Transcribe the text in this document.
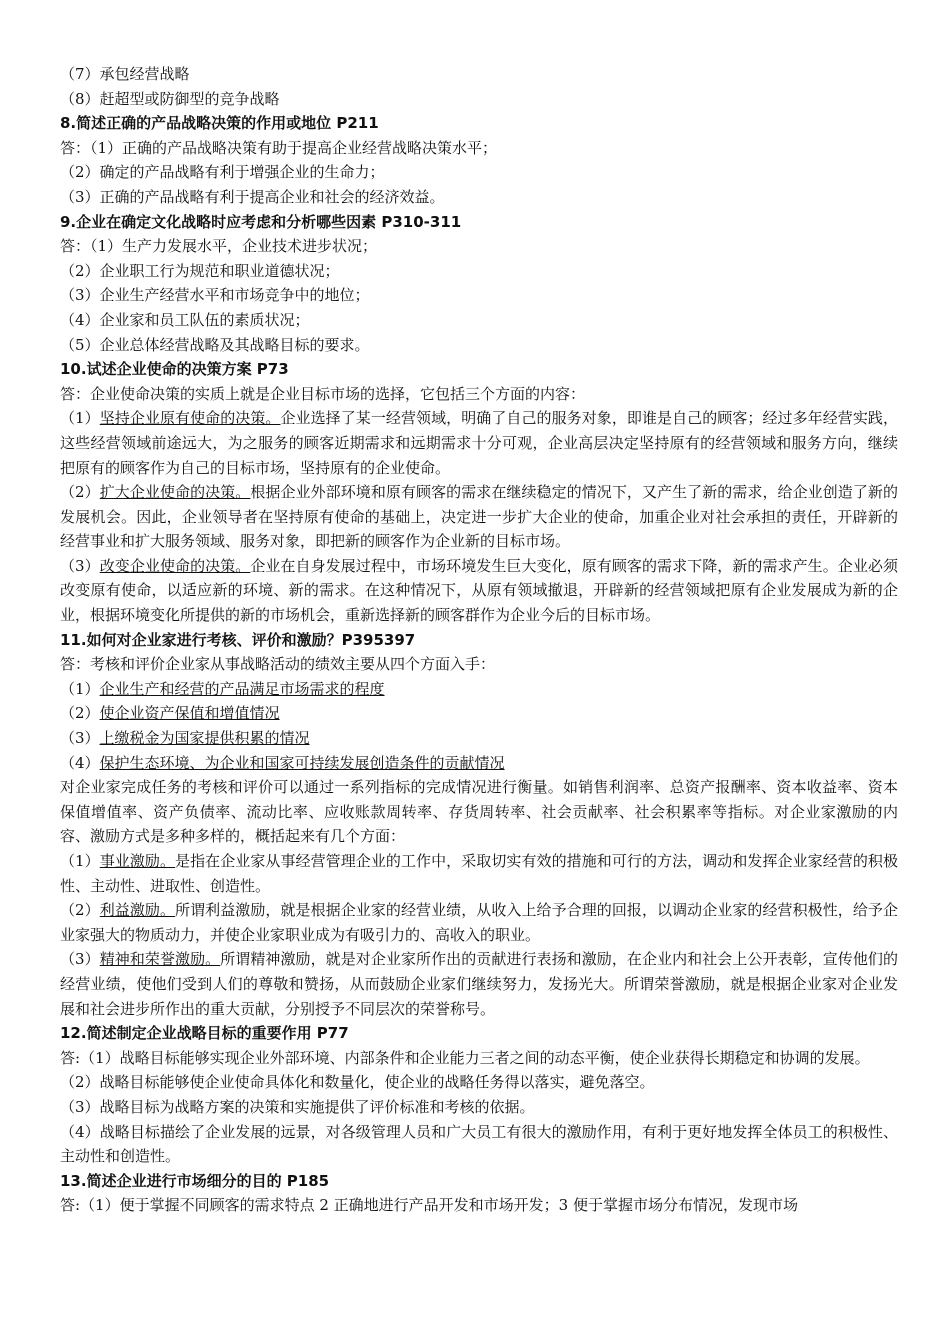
（7）承包经营战略
（8）赶超型或防御型的竞争战略
8.简述正确的产品战略决策的作用或地位 P211
答：（1）正确的产品战略决策有助于提高企业经营战略决策水平；
（2）确定的产品战略有利于增强企业的生命力；
（3）正确的产品战略有利于提高企业和社会的经济效益。
9.企业在确定文化战略时应考虑和分析哪些因素 P310-311
答：（1）生产力发展水平，企业技术进步状况；
（2）企业职工行为规范和职业道德状况；
（3）企业生产经营水平和市场竞争中的地位；
（4）企业家和员工队伍的素质状况；
（5）企业总体经营战略及其战略目标的要求。
10.试述企业使命的决策方案 P73
答：企业使命决策的实质上就是企业目标市场的选择，它包括三个方面的内容：
（1）坚持企业原有使命的决策。企业选择了某一经营领域，明确了自己的服务对象，即谁是自己的顾客；经过多年经营实践，这些经营领域前途远大，为之服务的顾客近期需求和远期需求十分可观，企业高层决定坚持原有的经营领域和服务方向，继续把原有的顾客作为自己的目标市场，坚持原有的企业使命。
（2）扩大企业使命的决策。根据企业外部环境和原有顾客的需求在继续稳定的情况下，又产生了新的需求，给企业创造了新的发展机会。因此，企业领导者在坚持原有使命的基础上，决定进一步扩大企业的使命，加重企业对社会承担的责任，开辟新的经营事业和扩大服务领域、服务对象，即把新的顾客作为企业新的目标市场。
（3）改变企业使命的决策。企业在自身发展过程中，市场环境发生巨大变化，原有顾客的需求下降，新的需求产生。企业必须改变原有使命，以适应新的环境、新的需求。在这种情况下，从原有领域撤退，开辟新的经营领域把原有企业发展成为新的企业，根据环境变化所提供的新的市场机会，重新选择新的顾客群作为企业今后的目标市场。
11.如何对企业家进行考核、评价和激励？P395397
答：考核和评价企业家从事战略活动的绩效主要从四个方面入手：
（1）企业生产和经营的产品满足市场需求的程度
（2）使企业资产保值和增值情况
（3）上缴税金为国家提供积累的情况
（4）保护生态环境、为企业和国家可持续发展创造条件的贡献情况
对企业家完成任务的考核和评价可以通过一系列指标的完成情况进行衡量。如销售利润率、总资产报酬率、资本收益率、资本保值增值率、资产负债率、流动比率、应收账款周转率、存货周转率、社会贡献率、社会积累率等指标。对企业家激励的内容、激励方式是多种多样的，概括起来有几个方面：
（1）事业激励。是指在企业家从事经营管理企业的工作中，采取切实有效的措施和可行的方法，调动和发挥企业家经营的积极性、主动性、进取性、创造性。
（2）利益激励。所谓利益激励，就是根据企业家的经营业绩，从收入上给予合理的回报，以调动企业家的经营积极性，给予企业家强大的物质动力，并使企业家职业成为有吸引力的、高收入的职业。
（3）精神和荣誉激励。所谓精神激励，就是对企业家所作出的贡献进行表扬和激励，在企业内和社会上公开表彰，宣传他们的经营业绩，使他们受到人们的尊敬和赞扬，从而鼓励企业家们继续努力，发扬光大。所谓荣誉激励，就是根据企业家对企业发展和社会进步所作出的重大贡献，分别授予不同层次的荣誉称号。
12.简述制定企业战略目标的重要作用 P77
答:（1）战略目标能够实现企业外部环境、内部条件和企业能力三者之间的动态平衡，使企业获得长期稳定和协调的发展。
（2）战略目标能够使企业使命具体化和数量化，使企业的战略任务得以落实，避免落空。
（3）战略目标为战略方案的决策和实施提供了评价标准和考核的依据。
（4）战略目标描绘了企业发展的远景，对各级管理人员和广大员工有很大的激励作用，有利于更好地发挥全体员工的积极性、主动性和创造性。
13.简述企业进行市场细分的目的 P185
答:（1）便于掌握不同顾客的需求特点 2 正确地进行产品开发和市场开发；3 便于掌握市场分布情况，发现市场
